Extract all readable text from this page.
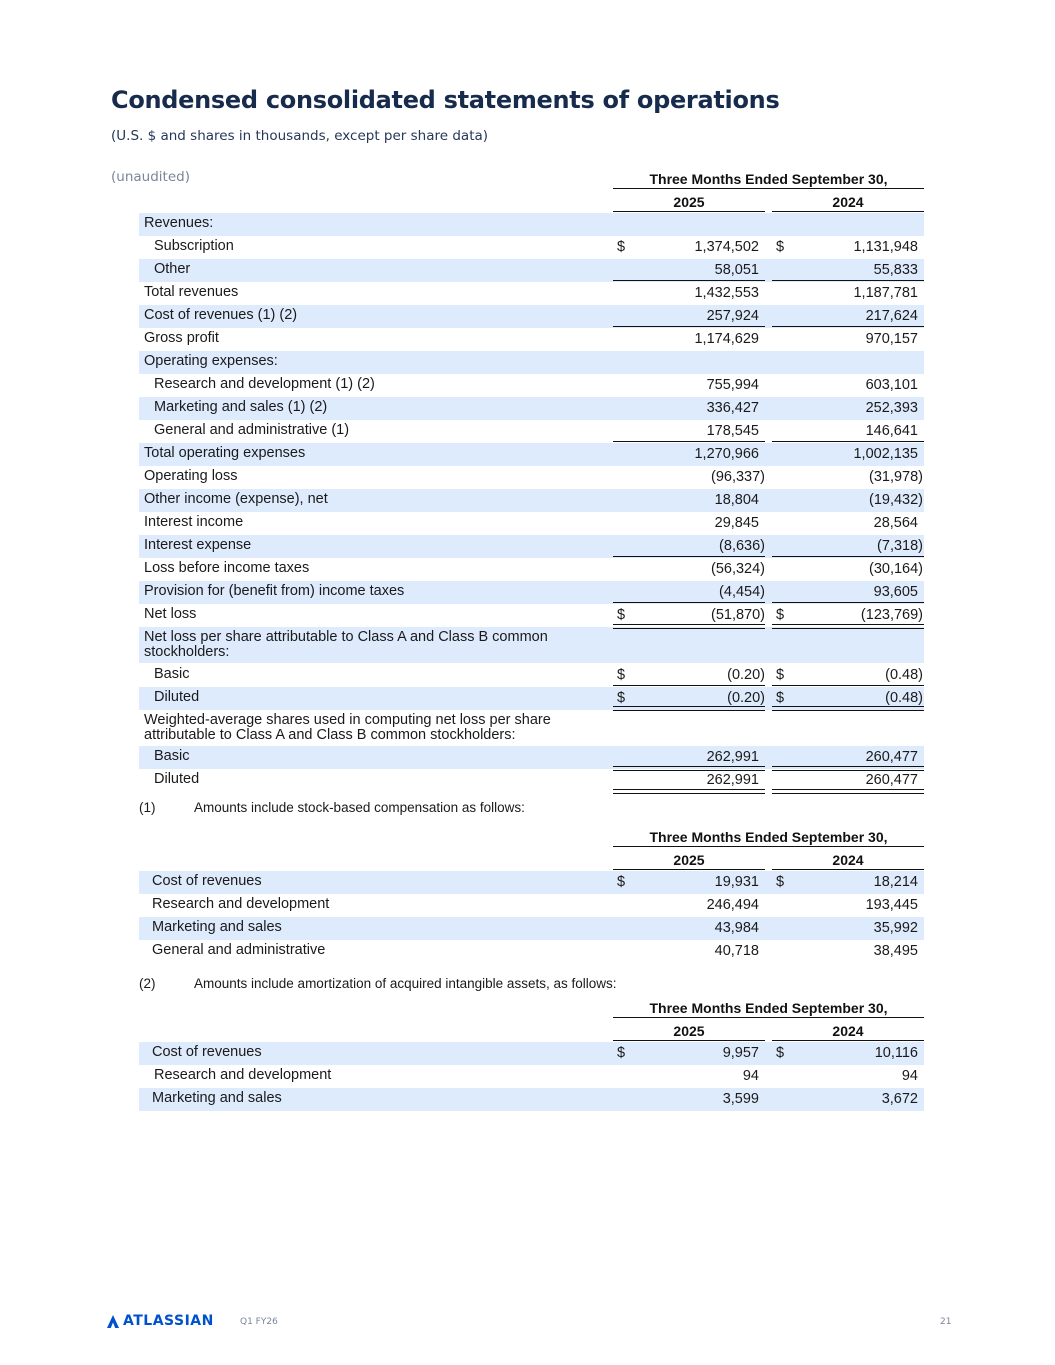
Condensed consolidated statements of operations
(U.S. $ and shares in thousands, except per share data)
(unaudited)	Three Months Ended September 30,
2025	2024
Revenues:
Subscription	$	1,374,502 $	1,131,948
Other	58,051	55,833
Total revenues	1,432,553	1,187,781
Cost of revenues (1) (2)	257,924	217,624
Gross profit	1,174,629	970,157
Operating expenses:
Research and development (1) (2)	755,994	603,101
Marketing and sales (1) (2)	336,427	252,393
General and administrative (1)	178,545	146,641
Total operating expenses	1,270,966	1,002,135
Operating loss	(96,337)	(31,978)
Other income (expense), net	18,804	(19,432)
Interest income	29,845	28,564
Interest expense	(8,636)	(7,318)
Loss before income taxes	(56,324)	(30,164)
Provision for (benefit from) income taxes	(4,454)	93,605
Net loss	$	(51,870) $	(123,769)
Net loss per share attributable to Class A and Class B common stockholders:
Basic	$	(0.20) $	(0.48)
Diluted	$	(0.20) $	(0.48)
Weighted-average shares used in computing net loss per share attributable to Class A and Class B common stockholders:
Basic	262,991	260,477
Diluted	262,991	260,477
(1)	Amounts include stock-based compensation as follows:
Three Months Ended September 30,
2025	2024
Cost of revenues	$	19,931 $	18,214
Research and development	246,494	193,445
Marketing and sales	43,984	35,992
General and administrative	40,718	38,495
(2)	Amounts include amortization of acquired intangible assets, as follows:
Three Months Ended September 30,
2025	2024
Cost of revenues	$	9,957 $	10,116
Research and development	94	94
Marketing and sales	3,599	3,672
ATLASSIAN	Q1 FY26	21
